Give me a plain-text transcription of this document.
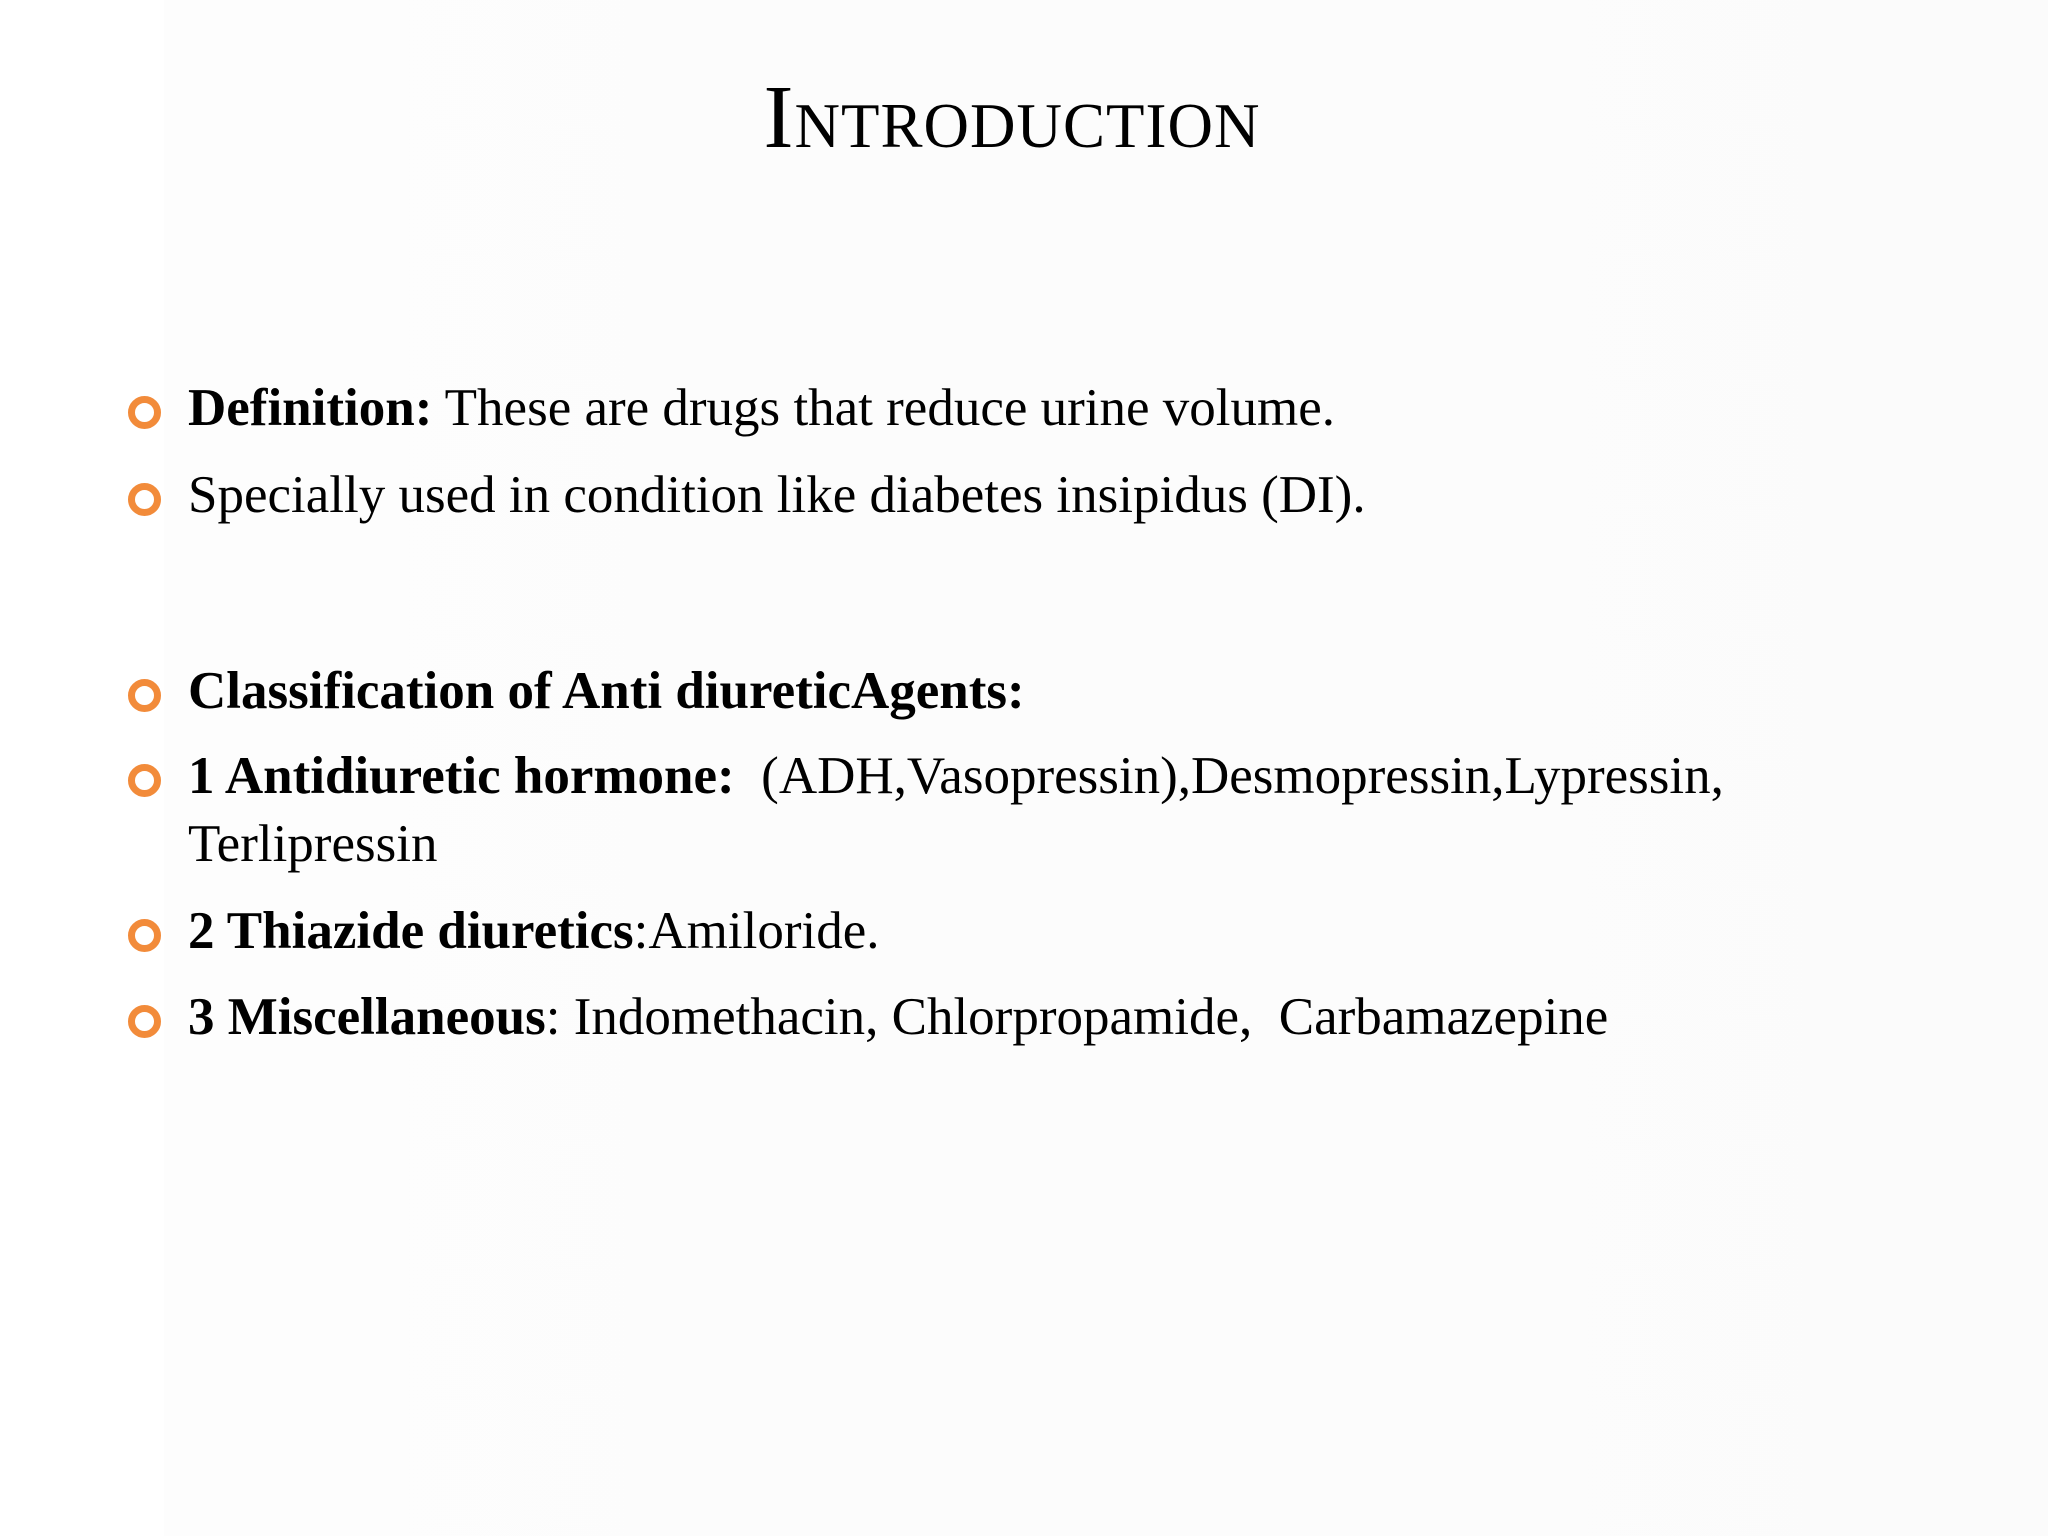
Introduction
Definition: These are drugs that reduce urine volume.
Specially used in condition like diabetes insipidus (DI).
Classification of Anti diureticAgents:
1 Antidiuretic hormone:  (ADH,Vasopressin),Desmopressin,Lypressin,
Terlipressin
2 Thiazide diuretics:Amiloride.
3 Miscellaneous: Indomethacin, Chlorpropamide,  Carbamazepine
